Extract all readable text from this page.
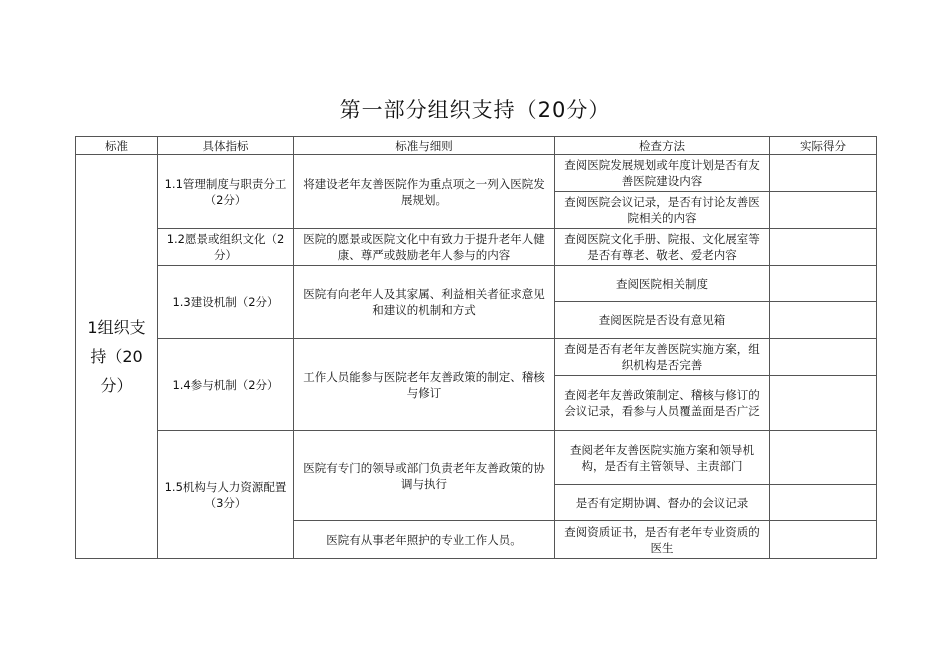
第一部分组织支持（20分）
标准	具体指标	标准与细则	检查方法	实际得分
1组织支持（20分）	1.1管理制度与职责分工（2分）	将建设老年友善医院作为重点项之一列入医院发展规划。	查阅医院发展规划或年度计划是否有友善医院建设内容	
			查阅医院会议记录，是否有讨论友善医院相关的内容	
	1.2愿景或组织文化（2分）	医院的愿景或医院文化中有致力于提升老年人健康、尊严或鼓励老年人参与的内容	查阅医院文化手册、院报、文化展室等是否有尊老、敬老、爱老内容	
	1.3建设机制（2分）	医院有向老年人及其家属、利益相关者征求意见和建议的机制和方式	查阅医院相关制度	
			查阅医院是否设有意见箱	
	1.4参与机制（2分）	工作人员能参与医院老年友善政策的制定、稽核与修订	查阅是否有老年友善医院实施方案，组织机构是否完善	
			查阅老年友善政策制定、稽核与修订的会议记录，看参与人员覆盖面是否广泛	
	1.5机构与人力资源配置（3分）	医院有专门的领导或部门负责老年友善政策的协调与执行	查阅老年友善医院实施方案和领导机构，是否有主管领导、主责部门	
			是否有定期协调、督办的会议记录	
		医院有从事老年照护的专业工作人员。	查阅资质证书，是否有老年专业资质的医生	
